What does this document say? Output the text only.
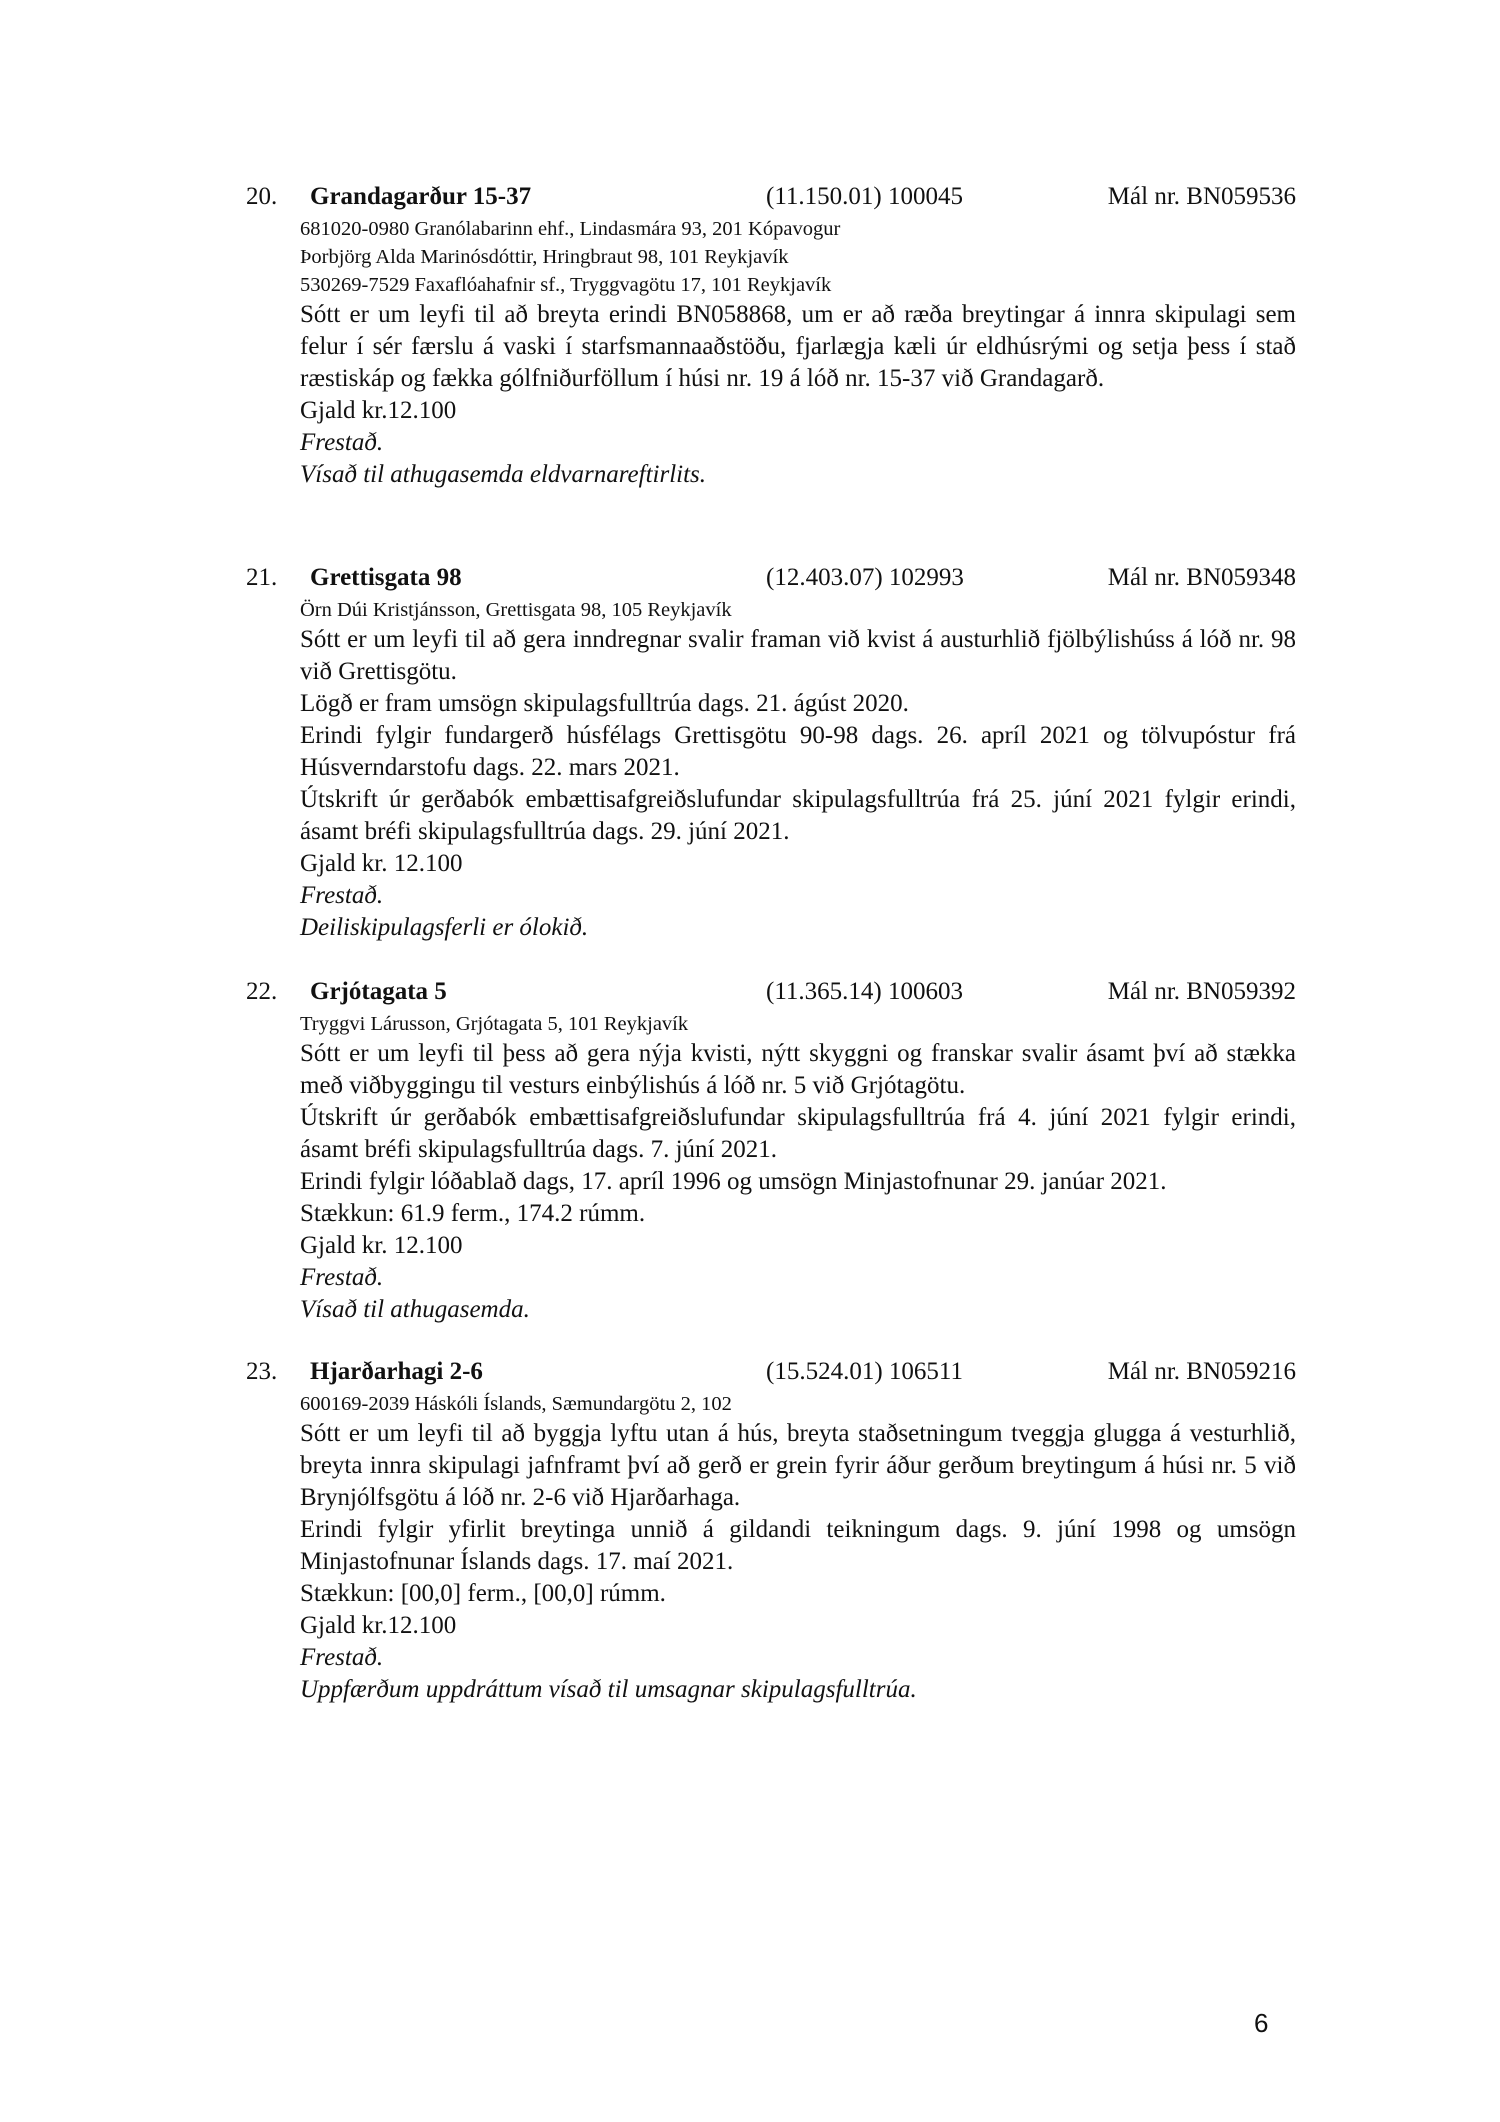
20. Grandagarður 15-37	(11.150.01) 100045	Mál nr. BN059536
681020-0980 Granólabarinn ehf., Lindasmára 93, 201 Kópavogur
Þorbjörg Alda Marinósdóttir, Hringbraut 98, 101 Reykjavík
530269-7529 Faxaflóahafnir sf., Tryggvagötu 17, 101 Reykjavík
Sótt er um leyfi til að breyta erindi BN058868, um er að ræða breytingar á innra skipulagi sem felur í sér færslu á vaski í starfsmannaaðstöðu, fjarlægja kæli úr eldhúsrými og setja þess í stað ræstiskáp og fækka gólfniðurföllum í húsi nr. 19 á lóð nr. 15-37 við Grandagarð.
Gjald kr.12.100
Frestað.
Vísað til athugasemda eldvarnareftirlits.
21. Grettisgata 98	(12.403.07) 102993	Mál nr. BN059348
Örn Dúi Kristjánsson, Grettisgata 98, 105 Reykjavík
Sótt er um leyfi til að gera inndregnar svalir framan við kvist á austurhlið fjölbýlishúss á lóð nr. 98 við Grettisgötu.
Lögð er fram umsögn skipulagsfulltrúa dags. 21. ágúst 2020.
Erindi fylgir fundargerð húsfélags Grettisgötu 90-98 dags. 26. apríl 2021 og tölvupóstur frá Húsverndarstofu dags. 22. mars 2021.
Útskrift úr gerðabók embættisafgreiðslufundar skipulagsfulltrúa frá 25. júní 2021 fylgir erindi, ásamt bréfi skipulagsfulltrúa dags. 29. júní 2021.
Gjald kr. 12.100
Frestað.
Deiliskipulagsferli er ólokið.
22. Grjótagata 5	(11.365.14) 100603	Mál nr. BN059392
Tryggvi Lárusson, Grjótagata 5, 101 Reykjavík
Sótt er um leyfi til þess að gera nýja kvisti, nýtt skyggni og franskar svalir ásamt því að stækka með viðbyggingu til vesturs einbýlishús á lóð nr. 5 við Grjótagötu.
Útskrift úr gerðabók embættisafgreiðslufundar skipulagsfulltrúa frá 4. júní 2021 fylgir erindi, ásamt bréfi skipulagsfulltrúa dags. 7. júní 2021.
Erindi fylgir lóðablað dags, 17. apríl 1996 og umsögn Minjastofnunar 29. janúar 2021.
Stækkun: 61.9 ferm., 174.2 rúmm.
Gjald kr. 12.100
Frestað.
Vísað til athugasemda.
23. Hjarðarhagi 2-6	(15.524.01) 106511	Mál nr. BN059216
600169-2039 Háskóli Íslands, Sæmundargötu 2, 102
Sótt er um leyfi til að byggja lyftu utan á hús, breyta staðsetningum tveggja glugga á vesturhlið, breyta innra skipulagi jafnframt því að gerð er grein fyrir áður gerðum breytingum á húsi nr. 5 við Brynjólfsgötu á lóð nr. 2-6 við Hjarðarhaga.
Erindi fylgir yfirlit breytinga unnið á gildandi teikningum dags. 9. júní 1998 og umsögn Minjastofnunar Íslands dags. 17. maí 2021.
Stækkun: [00,0] ferm., [00,0] rúmm.
Gjald kr.12.100
Frestað.
Uppfærðum uppdráttum vísað til umsagnar skipulagsfulltrúa.
6
